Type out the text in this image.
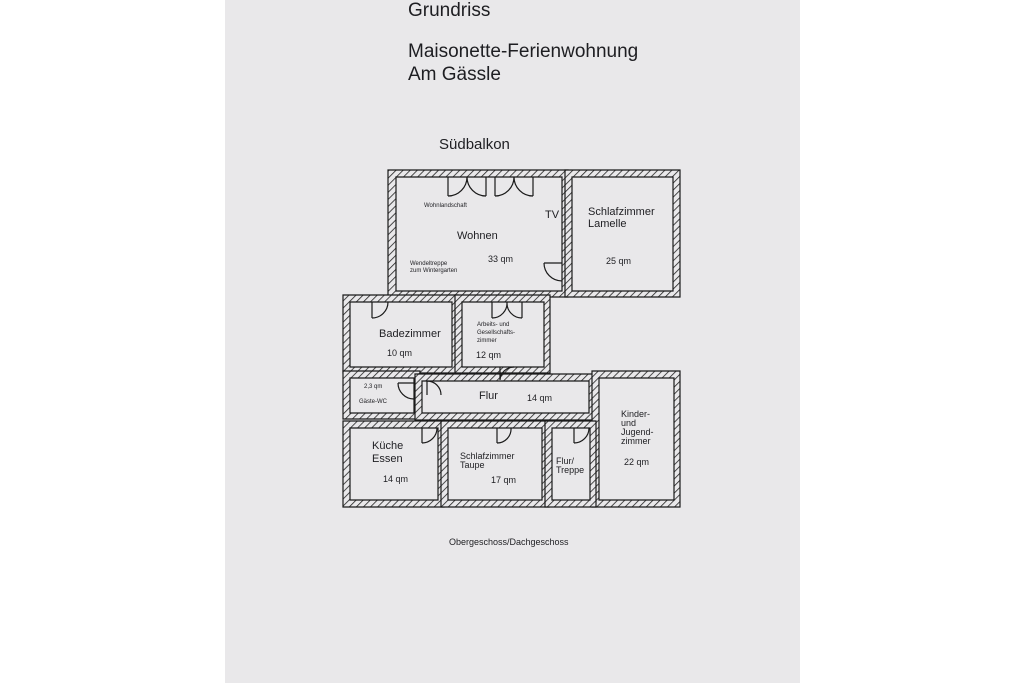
Grundriss
Maisonette-Ferienwohnung
Am Gässle
Südbalkon
Wohnlandschaft
TV
Wohnen
33 qm
Wendeltreppe
zum Wintergarten
Schlafzimmer
Lamelle
25 qm
Badezimmer
10 qm
Arbeits- und
Gesellschafts-
zimmer
12 qm
2,3 qm
Gäste-WC	Flur	14 qm
Kinder-
und
Jugend-
zimmer
22 qm
Küche
Essen
14 qm
Schlafzimmer
Taupe
17 qm
Flur/
Treppe
Obergeschoss/Dachgeschoss
